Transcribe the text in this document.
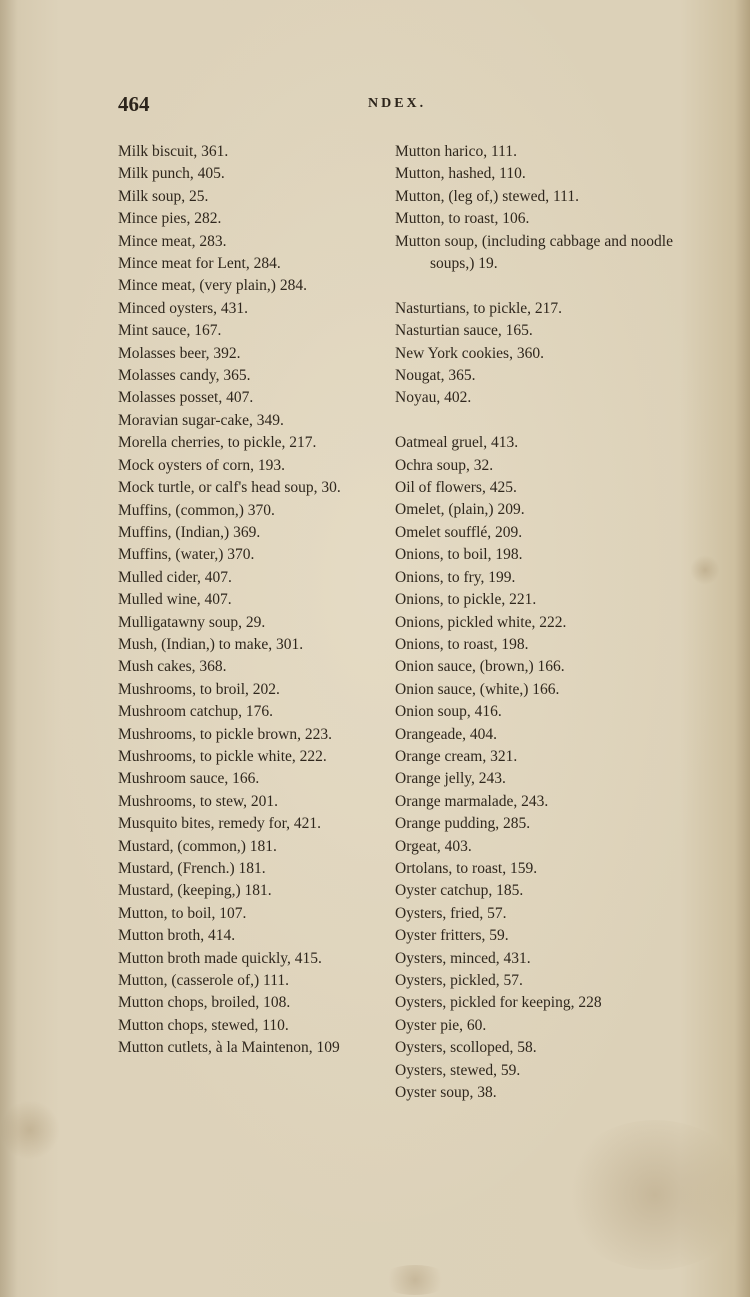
464	NDEX.
Milk biscuit, 361.
Milk punch, 405.
Milk soup, 25.
Mince pies, 282.
Mince meat, 283.
Mince meat for Lent, 284.
Mince meat, (very plain,) 284.
Minced oysters, 431.
Mint sauce, 167.
Molasses beer, 392.
Molasses candy, 365.
Molasses posset, 407.
Moravian sugar-cake, 349.
Morella cherries, to pickle, 217.
Mock oysters of corn, 193.
Mock turtle, or calf's head soup, 30.
Muffins, (common,) 370.
Muffins, (Indian,) 369.
Muffins, (water,) 370.
Mulled cider, 407.
Mulled wine, 407.
Mulligatawny soup, 29.
Mush, (Indian,) to make, 301.
Mush cakes, 368.
Mushrooms, to broil, 202.
Mushroom catchup, 176.
Mushrooms, to pickle brown, 223.
Mushrooms, to pickle white, 222.
Mushroom sauce, 166.
Mushrooms, to stew, 201.
Musquito bites, remedy for, 421.
Mustard, (common,) 181.
Mustard, (French.) 181.
Mustard, (keeping,) 181.
Mutton, to boil, 107.
Mutton broth, 414.
Mutton broth made quickly, 415.
Mutton, (casserole of,) 111.
Mutton chops, broiled, 108.
Mutton chops, stewed, 110.
Mutton cutlets, à la Maintenon, 109
Mutton harico, 111.
Mutton, hashed, 110.
Mutton, (leg of,) stewed, 111.
Mutton, to roast, 106.
Mutton soup, (including cabbage and noodle soups,) 19.
Nasturtians, to pickle, 217.
Nasturtian sauce, 165.
New York cookies, 360.
Nougat, 365.
Noyau, 402.
Oatmeal gruel, 413.
Ochra soup, 32.
Oil of flowers, 425.
Omelet, (plain,) 209.
Omelet soufflé, 209.
Onions, to boil, 198.
Onions, to fry, 199.
Onions, to pickle, 221.
Onions, pickled white, 222.
Onions, to roast, 198.
Onion sauce, (brown,) 166.
Onion sauce, (white,) 166.
Onion soup, 416.
Orangeade, 404.
Orange cream, 321.
Orange jelly, 243.
Orange marmalade, 243.
Orange pudding, 285.
Orgeat, 403.
Ortolans, to roast, 159.
Oyster catchup, 185.
Oysters, fried, 57.
Oyster fritters, 59.
Oysters, minced, 431.
Oysters, pickled, 57.
Oysters, pickled for keeping, 228
Oyster pie, 60.
Oysters, scolloped, 58.
Oysters, stewed, 59.
Oyster soup, 38.
